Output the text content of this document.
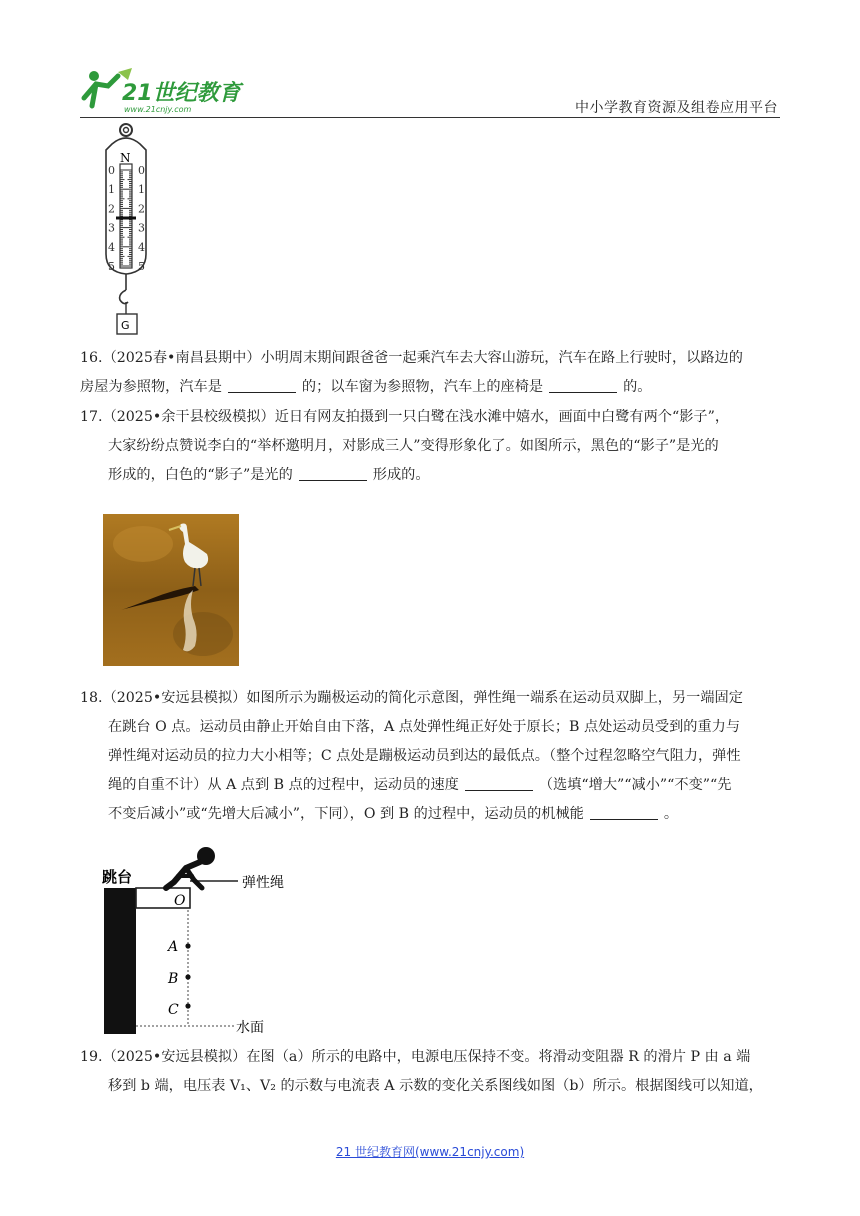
21世纪教育
www.21cnjy.com	中小学教育资源及组卷应用平台
N
0 0
1 1
2 2
3 3
4 4
5 5
G

16.（2025春•南昌县期中）小明周末期间跟爸爸一起乘汽车去大容山游玩，汽车在路上行驶时，以路边的
房屋为参照物，汽车是	的；以车窗为参照物，汽车上的座椅是	的。

17.（2025•余干县校级模拟）近日有网友拍摄到一只白鹭在浅水滩中嬉水，画面中白鹭有两个“影子”，
大家纷纷点赞说李白的“举杯邀明月，对影成三人”变得形象化了。如图所示，黑色的“影子”是光的
形成的，白色的“影子”是光的	形成的。

18.（2025•安远县模拟）如图所示为蹦极运动的简化示意图，弹性绳一端系在运动员双脚上，另一端固定
在跳台 O 点。运动员由静止开始自由下落，A 点处弹性绳正好处于原长；B 点处运动员受到的重力与
弹性绳对运动员的拉力大小相等；C 点处是蹦极运动员到达的最低点。（整个过程忽略空气阻力，弹性
绳的自重不计）从 A 点到 B 点的过程中，运动员的速度	（选填“增大”“减小”“不变”“先
不变后减小”或“先增大后减小”，下同），O 到 B 的过程中，运动员的机械能	。

跳台	弹性绳
O
A
B
C
水面

19.（2025•安远县模拟）在图（a）所示的电路中，电源电压保持不变。将滑动变阻器 R 的滑片 P 由 a 端
移到 b 端，电压表 V₁、V₂ 的示数与电流表 A 示数的变化关系图线如图（b）所示。根据图线可以知道，

21 世纪教育网(www.21cnjy.com)
